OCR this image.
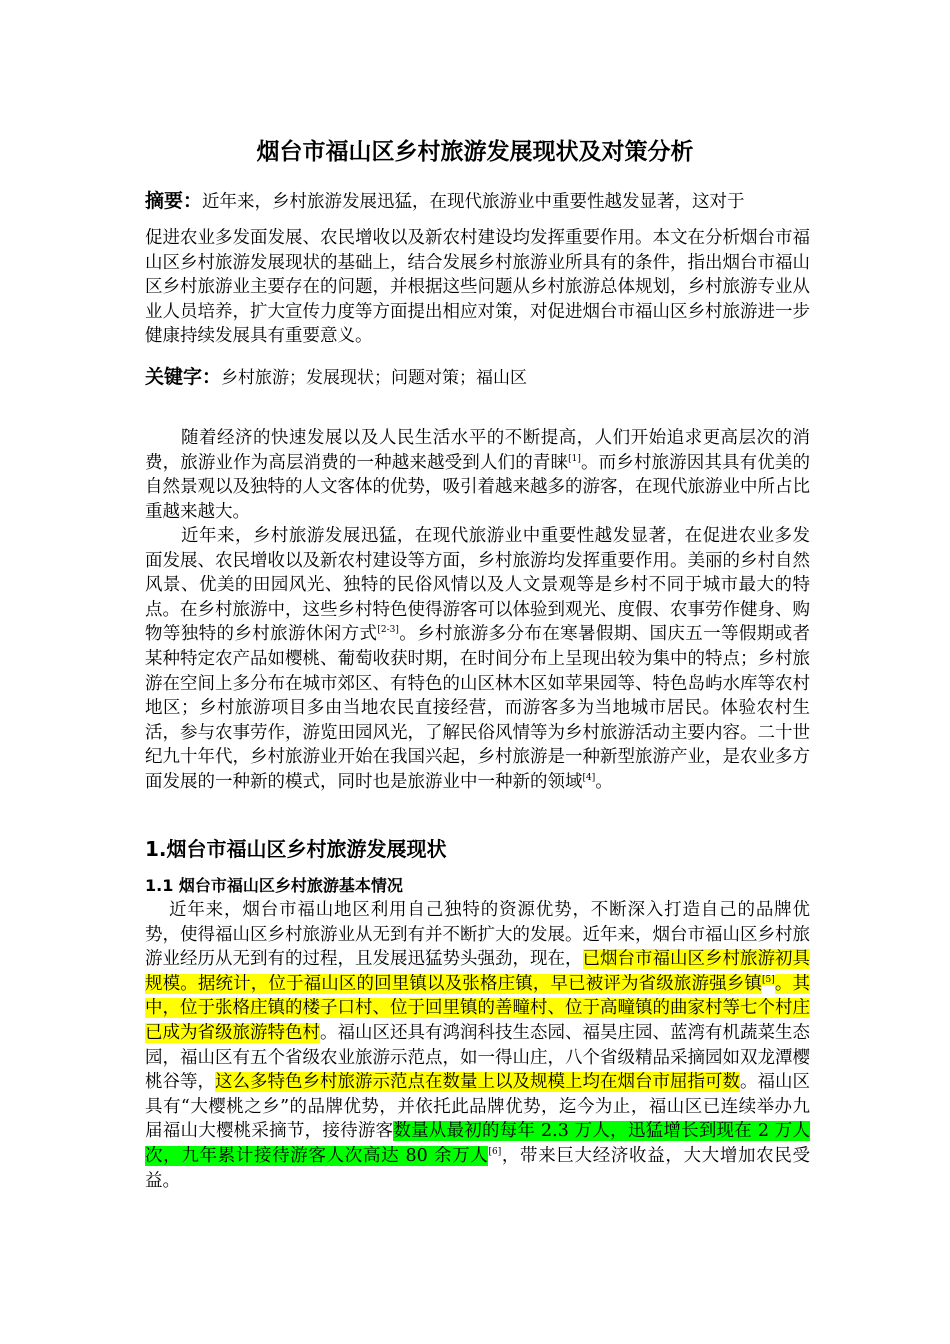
烟台市福山区乡村旅游发展现状及对策分析
摘要：近年来，乡村旅游发展迅猛，在现代旅游业中重要性越发显著，这对于
促进农业多发面发展、农民增收以及新农村建设均发挥重要作用。本文在分析烟台市福山区乡村旅游发展现状的基础上，结合发展乡村旅游业所具有的条件，指出烟台市福山区乡村旅游业主要存在的问题，并根据这些问题从乡村旅游总体规划，乡村旅游专业从业人员培养，扩大宣传力度等方面提出相应对策，对促进烟台市福山区乡村旅游进一步健康持续发展具有重要意义。
关键字：乡村旅游；发展现状；问题对策；福山区
随着经济的快速发展以及人民生活水平的不断提高，人们开始追求更高层次的消费，旅游业作为高层消费的一种越来越受到人们的青睐[1]。而乡村旅游因其具有优美的自然景观以及独特的人文客体的优势，吸引着越来越多的游客，在现代旅游业中所占比重越来越大。
近年来，乡村旅游发展迅猛，在现代旅游业中重要性越发显著，在促进农业多发面发展、农民增收以及新农村建设等方面，乡村旅游均发挥重要作用。美丽的乡村自然风景、优美的田园风光、独特的民俗风情以及人文景观等是乡村不同于城市最大的特点。在乡村旅游中，这些乡村特色使得游客可以体验到观光、度假、农事劳作健身、购物等独特的乡村旅游休闲方式[2-3]。乡村旅游多分布在寒暑假期、国庆五一等假期或者某种特定农产品如樱桃、葡萄收获时期，在时间分布上呈现出较为集中的特点；乡村旅游在空间上多分布在城市郊区、有特色的山区林木区如苹果园等、特色岛屿水库等农村地区；乡村旅游项目多由当地农民直接经营，而游客多为当地城市居民。体验农村生活，参与农事劳作，游览田园风光，了解民俗风情等为乡村旅游活动主要内容。二十世纪九十年代，乡村旅游业开始在我国兴起，乡村旅游是一种新型旅游产业，是农业多方面发展的一种新的模式，同时也是旅游业中一种新的领域[4]。
1.烟台市福山区乡村旅游发展现状
1.1 烟台市福山区乡村旅游基本情况
近年来，烟台市福山地区利用自己独特的资源优势，不断深入打造自己的品牌优势，使得福山区乡村旅游业从无到有并不断扩大的发展。近年来，烟台市福山区乡村旅游业经历从无到有的过程，且发展迅猛势头强劲，现在，已烟台市福山区乡村旅游初具规模。据统计，位于福山区的回里镇以及张格庄镇，早已被评为省级旅游强乡镇[5]。其中，位于张格庄镇的楼子口村、位于回里镇的善疃村、位于高疃镇的曲家村等七个村庄已成为省级旅游特色村。福山区还具有鸿润科技生态园、福昊庄园、蓝湾有机蔬菜生态园，福山区有五个省级农业旅游示范点，如一得山庄，八个省级精品采摘园如双龙潭樱桃谷等，这么多特色乡村旅游示范点在数量上以及规模上均在烟台市屈指可数。福山区具有“大樱桃之乡”的品牌优势，并依托此品牌优势，迄今为止，福山区已连续举办九届福山大樱桃采摘节，接待游客数量从最初的每年 2.3 万人，迅猛增长到现在 2 万人次，九年累计接待游客人次高达 80 余万人[6]，带来巨大经济收益，大大增加农民受益。
